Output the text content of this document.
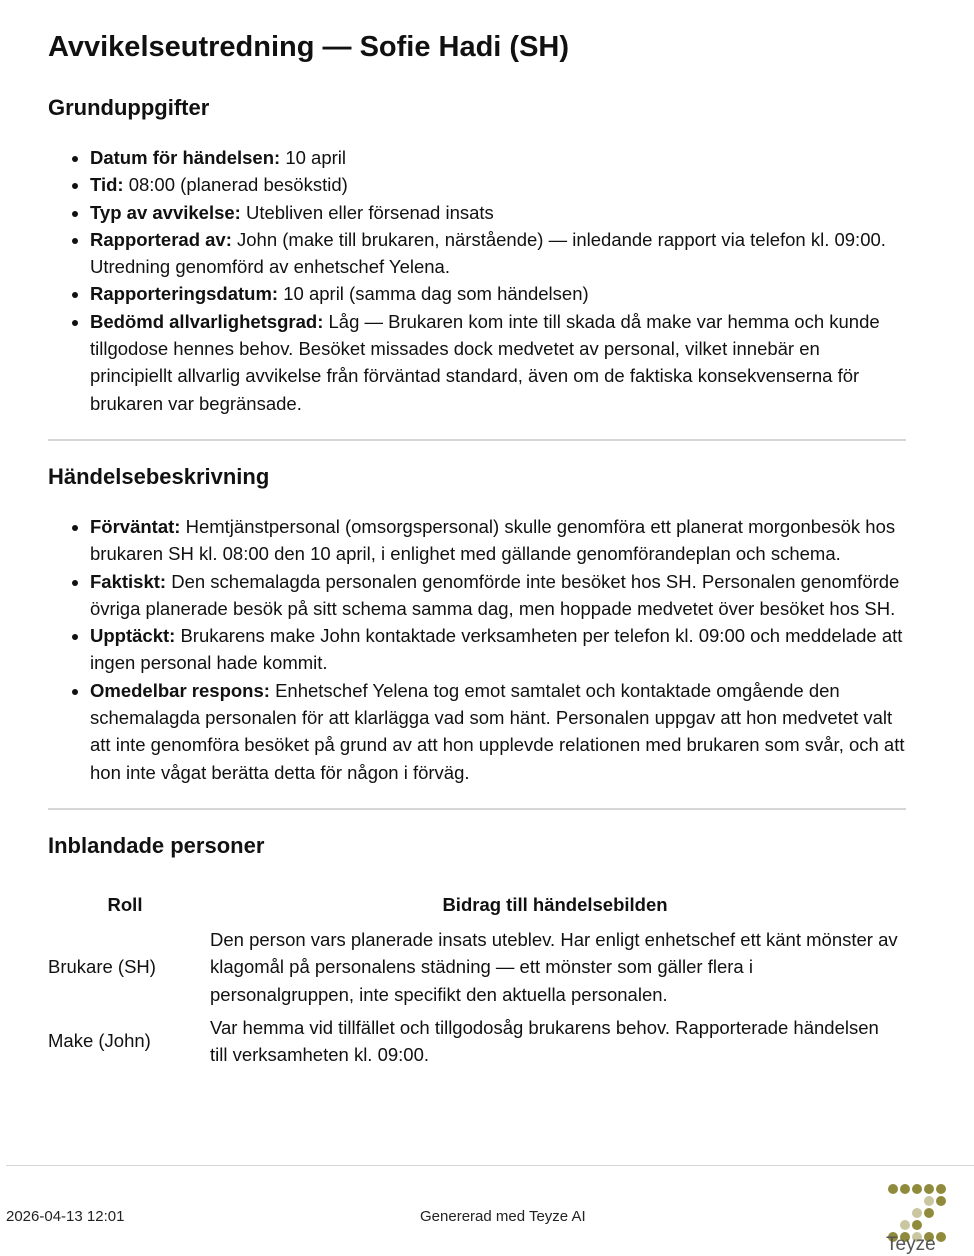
Avvikelseutredning — Sofie Hadi (SH)
Grunduppgifter
• Datum för händelsen: 10 april
• Tid: 08:00 (planerad besökstid)
• Typ av avvikelse: Utebliven eller försenad insats
• Rapporterad av: John (make till brukaren, närstående) — inledande rapport via telefon kl. 09:00. Utredning genomförd av enhetschef Yelena.
• Rapporteringsdatum: 10 april (samma dag som händelsen)
• Bedömd allvarlighetsgrad: Låg — Brukaren kom inte till skada då make var hemma och kunde tillgodose hennes behov. Besöket missades dock medvetet av personal, vilket innebär en principiellt allvarlig avvikelse från förväntad standard, även om de faktiska konsekvenserna för brukaren var begränsade.
Händelsebeskrivning
• Förväntat: Hemtjänstpersonal (omsorgspersonal) skulle genomföra ett planerat morgonbesök hos brukaren SH kl. 08:00 den 10 april, i enlighet med gällande genomförandeplan och schema.
• Faktiskt: Den schemalagda personalen genomförde inte besöket hos SH. Personalen genomförde övriga planerade besök på sitt schema samma dag, men hoppade medvetet över besöket hos SH.
• Upptäckt: Brukarens make John kontaktade verksamheten per telefon kl. 09:00 och meddelade att ingen personal hade kommit.
• Omedelbar respons: Enhetschef Yelena tog emot samtalet och kontaktade omgående den schemalagda personalen för att klarlägga vad som hänt. Personalen uppgav att hon medvetet valt att inte genomföra besöket på grund av att hon upplevde relationen med brukaren som svår, och att hon inte vågat berätta detta för någon i förväg.
Inblandade personer
Roll	Bidrag till händelsebilden
Brukare (SH)	Den person vars planerade insats uteblev. Har enligt enhetschef ett känt mönster av klagomål på personalens städning — ett mönster som gäller flera i personalgruppen, inte specifikt den aktuella personalen.
Make (John)	Var hemma vid tillfället och tillgodosåg brukarens behov. Rapporterade händelsen till verksamheten kl. 09:00.
2026-04-13 12:01	Genererad med Teyze AI
Teyze
